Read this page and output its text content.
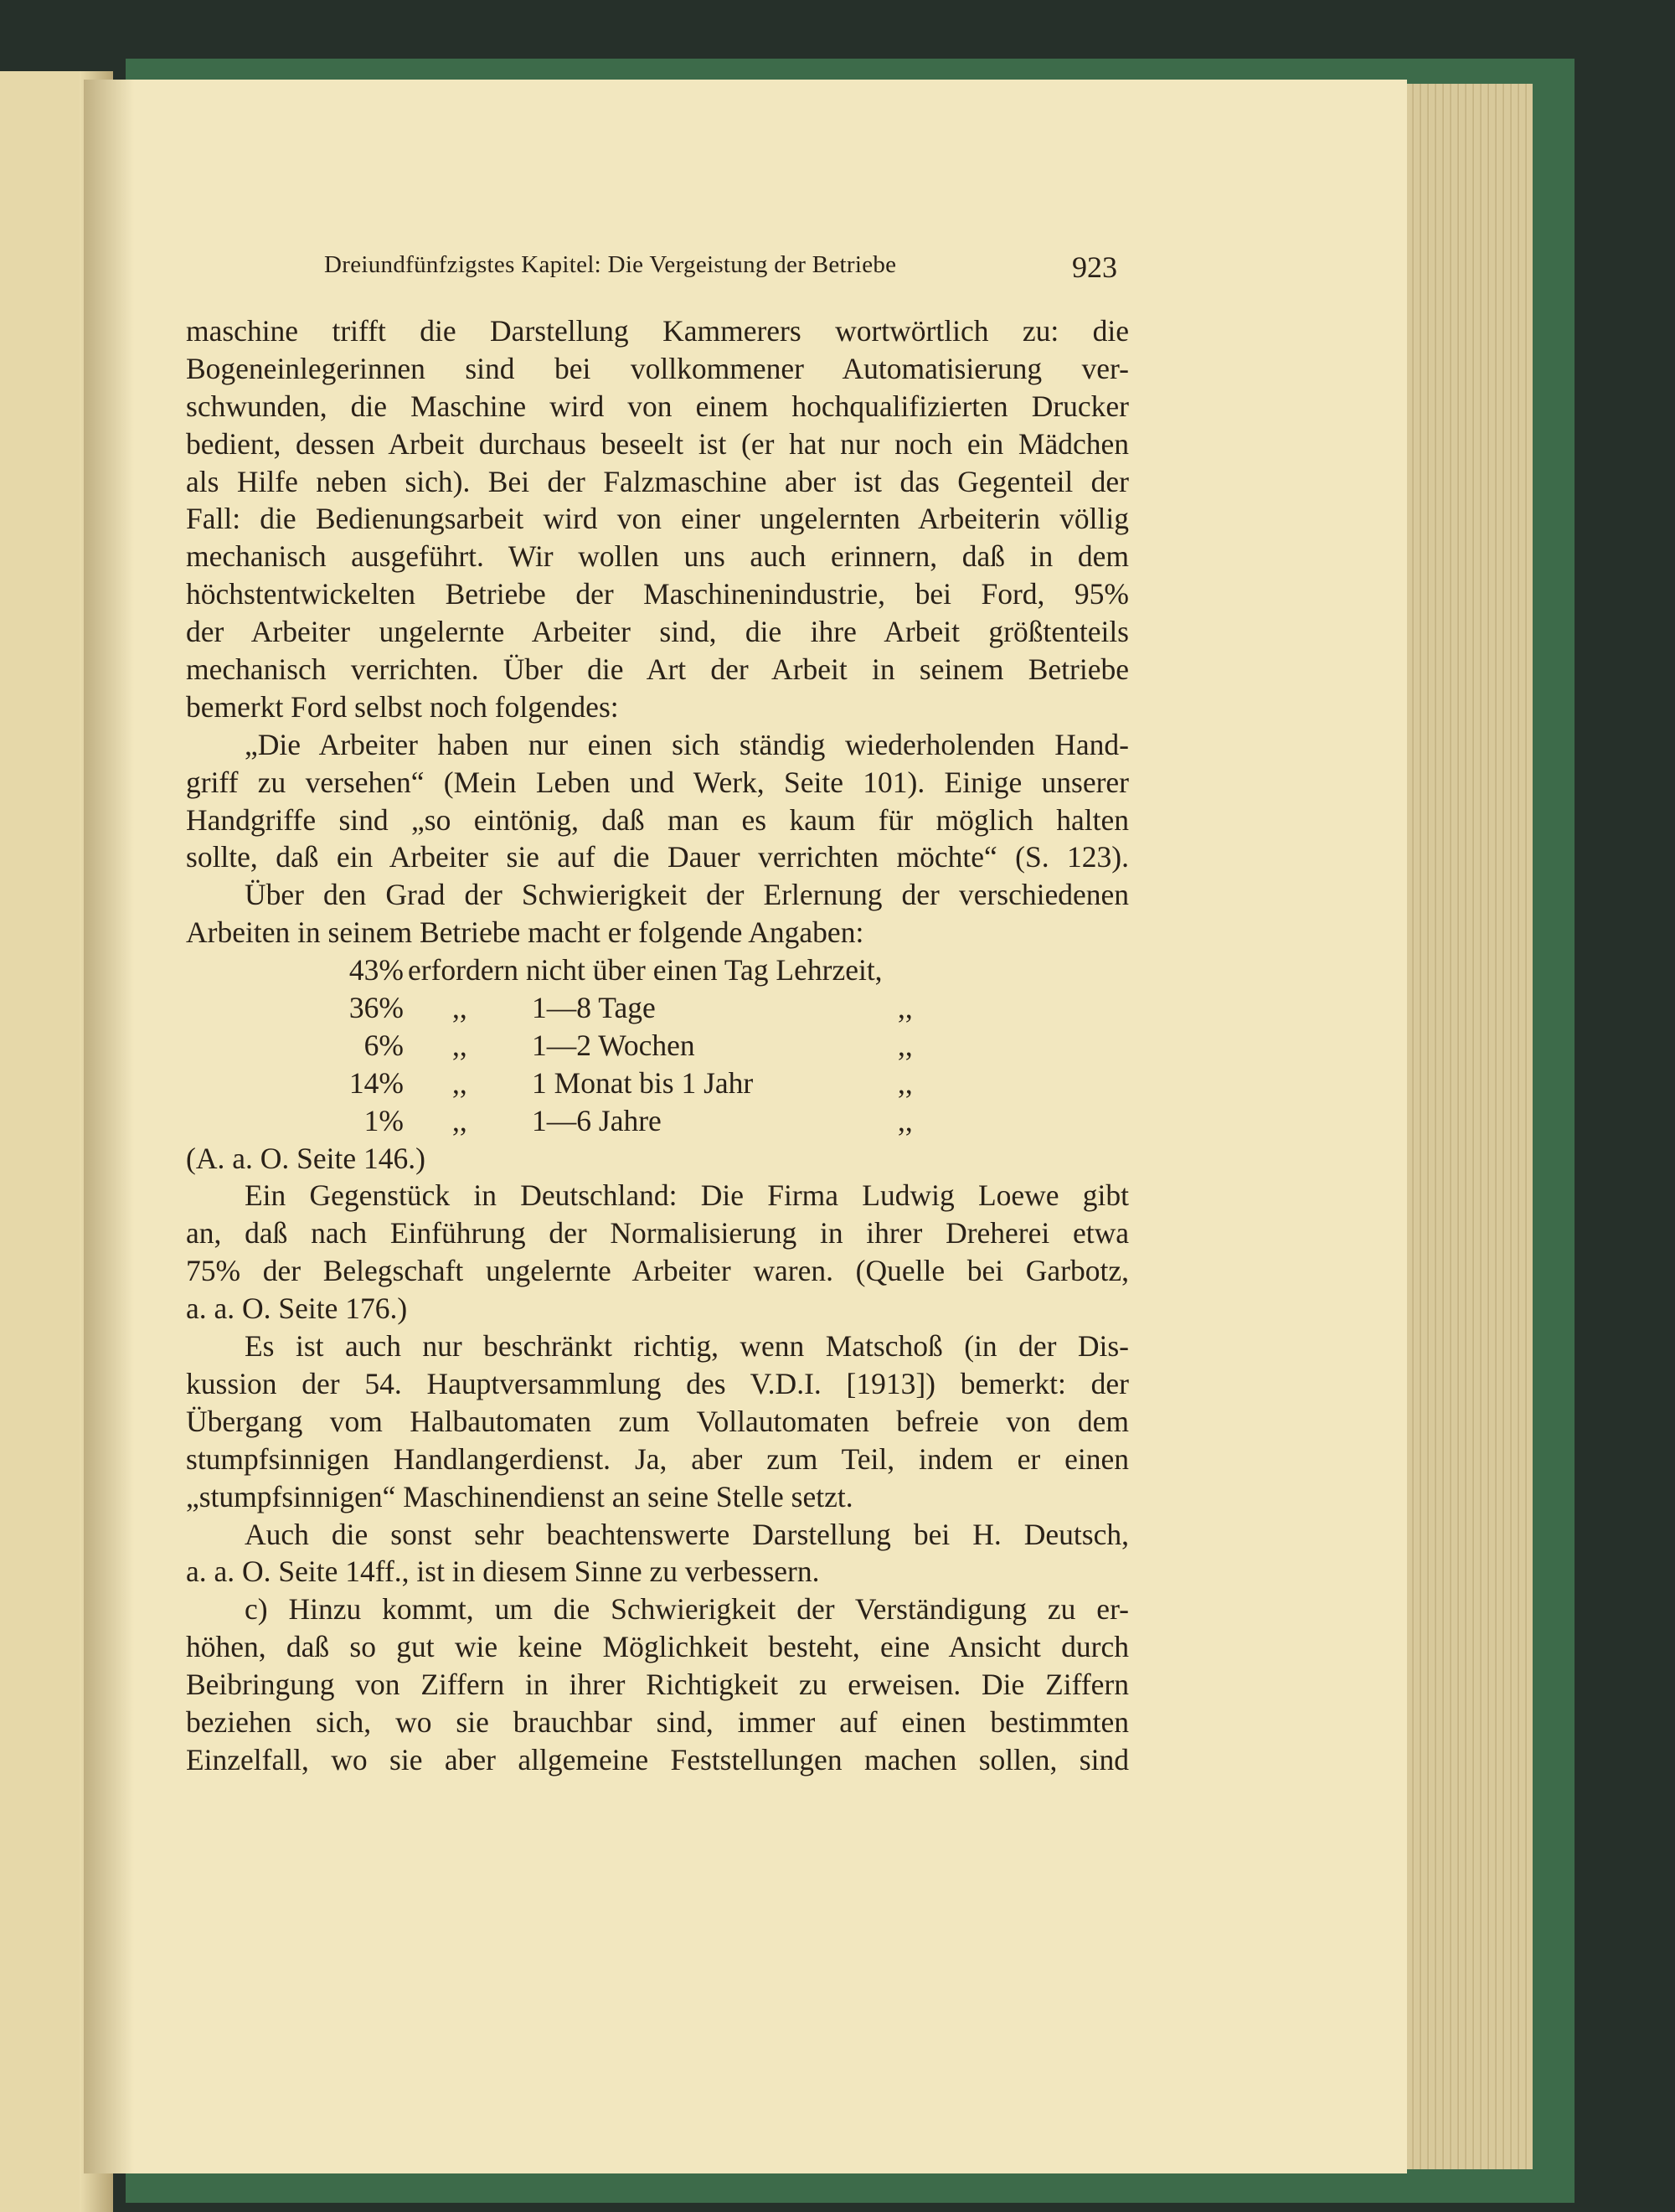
Dreiundfünfzigstes Kapitel: Die Vergeistung der Betriebe	923
maschine trifft die Darstellung Kammerers wortwörtlich zu: die
Bogeneinlegerinnen sind bei vollkommener Automatisierung ver-
schwunden, die Maschine wird von einem hochqualifizierten Drucker
bedient, dessen Arbeit durchaus beseelt ist (er hat nur noch ein Mädchen
als Hilfe neben sich). Bei der Falzmaschine aber ist das Gegenteil der
Fall: die Bedienungsarbeit wird von einer ungelernten Arbeiterin völlig
mechanisch ausgeführt. Wir wollen uns auch erinnern, daß in dem
höchstentwickelten Betriebe der Maschinenindustrie, bei Ford, 95%
der Arbeiter ungelernte Arbeiter sind, die ihre Arbeit größtenteils
mechanisch verrichten. Über die Art der Arbeit in seinem Betriebe
bemerkt Ford selbst noch folgendes:
„Die Arbeiter haben nur einen sich ständig wiederholenden Hand-
griff zu versehen“ (Mein Leben und Werk, Seite 101). Einige unserer
Handgriffe sind „so eintönig, daß man es kaum für möglich halten
sollte, daß ein Arbeiter sie auf die Dauer verrichten möchte“ (S. 123).
Über den Grad der Schwierigkeit der Erlernung der verschiedenen
Arbeiten in seinem Betriebe macht er folgende Angaben:
43% erfordern nicht über einen Tag Lehrzeit,
36% ,, 1—8 Tage	,,
6% ,, 1—2 Wochen	,,
14% ,, 1 Monat bis 1 Jahr	,,
1% ,, 1—6 Jahre	,,
(A. a. O. Seite 146.)
Ein Gegenstück in Deutschland: Die Firma Ludwig Loewe gibt
an, daß nach Einführung der Normalisierung in ihrer Dreherei etwa
75% der Belegschaft ungelernte Arbeiter waren. (Quelle bei Garbotz,
a. a. O. Seite 176.)
Es ist auch nur beschränkt richtig, wenn Matschoß (in der Dis-
kussion der 54. Hauptversammlung des V.D.I. [1913]) bemerkt: der
Übergang vom Halbautomaten zum Vollautomaten befreie von dem
stumpfsinnigen Handlangerdienst. Ja, aber zum Teil, indem er einen
„stumpfsinnigen“ Maschinendienst an seine Stelle setzt.
Auch die sonst sehr beachtenswerte Darstellung bei H. Deutsch,
a. a. O. Seite 14ff., ist in diesem Sinne zu verbessern.
c) Hinzu kommt, um die Schwierigkeit der Verständigung zu er-
höhen, daß so gut wie keine Möglichkeit besteht, eine Ansicht durch
Beibringung von Ziffern in ihrer Richtigkeit zu erweisen. Die Ziffern
beziehen sich, wo sie brauchbar sind, immer auf einen bestimmten
Einzelfall, wo sie aber allgemeine Feststellungen machen sollen, sind
